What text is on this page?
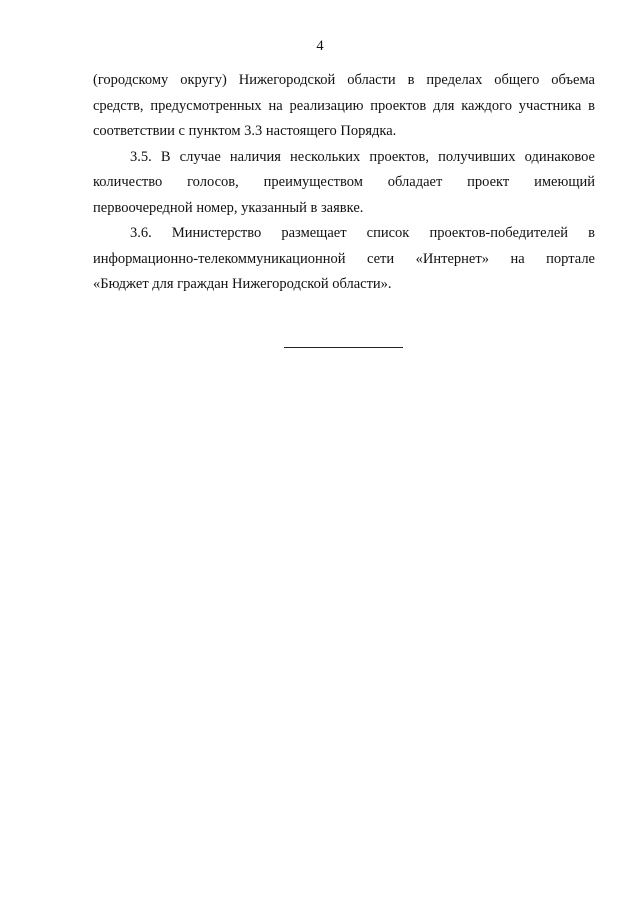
4

(городскому округу) Нижегородской области в пределах общего объема
средств, предусмотренных на реализацию проектов для каждого участника в
соответствии с пунктом 3.3 настоящего Порядка.

3.5. В случае наличия нескольких проектов, получивших одинаковое
количество голосов, преимуществом обладает проект имеющий
первоочередной номер, указанный в заявке.

3.6. Министерство размещает список проектов-победителей в
информационно-телекоммуникационной сети «Интернет» на портале
«Бюджет для граждан Нижегородской области».
